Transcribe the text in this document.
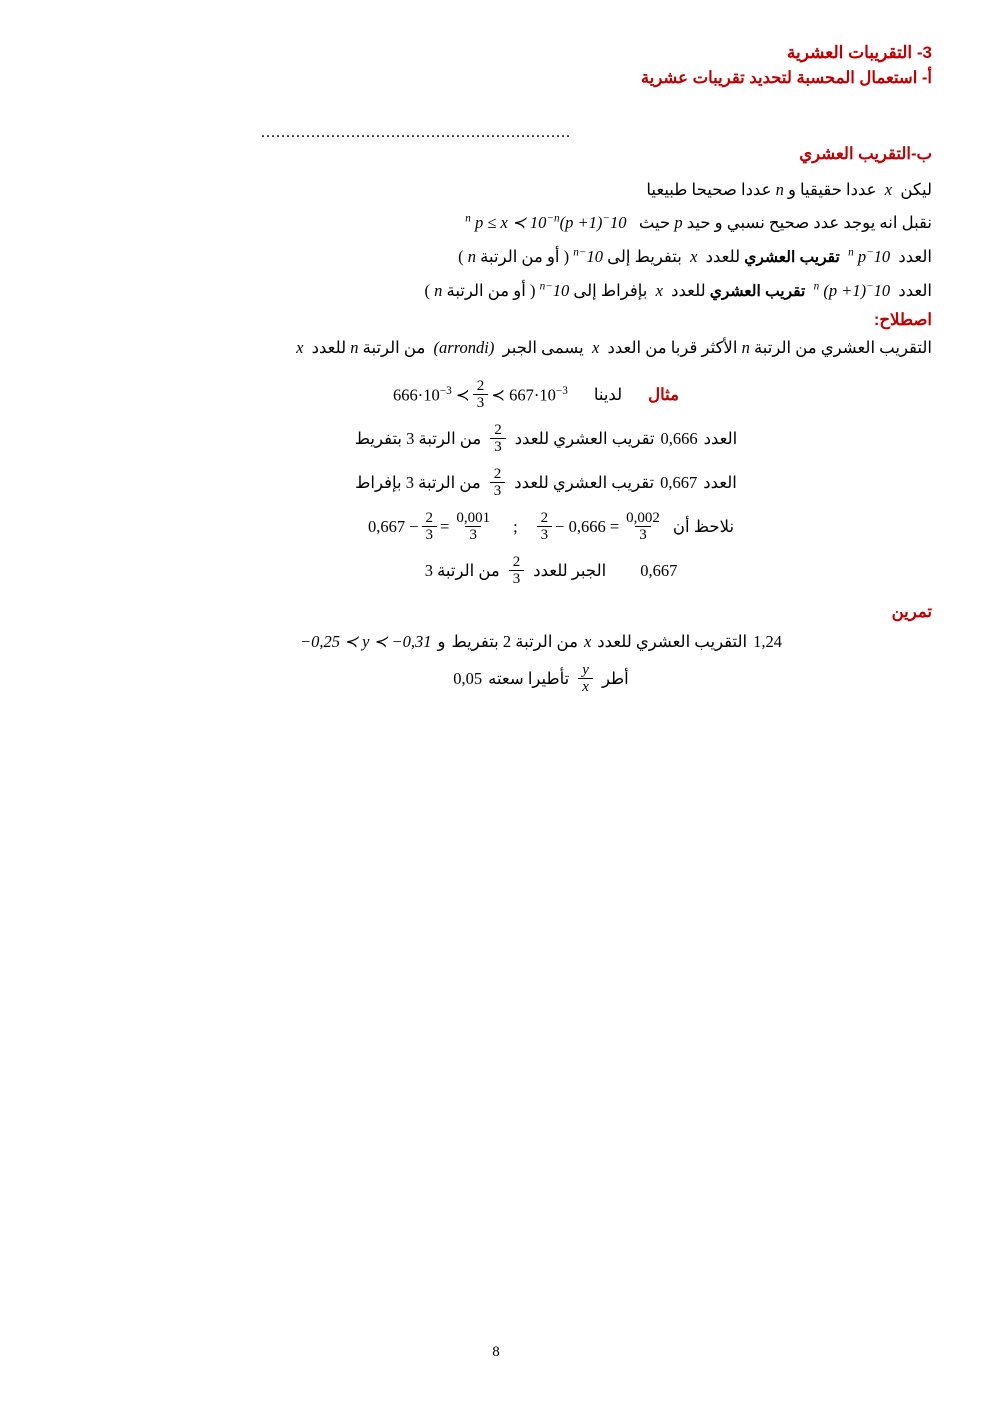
3- التقريبات العشرية
أ- استعمال المحسبة لتحديد تقريبات عشرية
..............................................................
ب-التقريب العشري
ليكن  x  عددا حقيقيا و n عددا صحيحا طبيعيا
نقبل انه يوجد عدد صحيح نسبي و حيد p حيث   $10^{-n}$ p ≤ x ≺ $10^{-n}(p +1)$
العدد  $10^{-n}$ p  تقريب العشري للعدد  x  بتفريط إلى $10^{-n}$ ( أو من الرتبة n )
العدد  $10^{-n}$ (p +1)  تقريب العشري للعدد  x  بإفراط إلى $10^{-n}$ ( أو من الرتبة n )
اصطلاح:
التقريب العشري من الرتبة n الأكثر قربا من العدد  x  يسمى الجبر  (arrondi)  من الرتبة n للعدد  x
مثال
لدينا
$666\cdot 10^{-3}$ ≺ $\frac{2}{3}$ ≺ $667\cdot 10^{-3}$
العدد
0,666
تقريب العشري للعدد
$\frac{2}{3}$
من الرتبة 3 بتفريط
العدد
0,667
تقريب العشري للعدد
$\frac{2}{3}$
من الرتبة 3 بإفراط
نلاحظ أن
$\frac{2}{3} - 0,666 = \frac{0,002}{3}$
;
$0,667 - \frac{2}{3} = \frac{0,001}{3}$
0,667
الجبر للعدد
$\frac{2}{3}$
من الرتبة 3
تمرين
1,24
التقريب العشري للعدد
x
من الرتبة 2 بتفريط
و
−0,25 ≺ y ≺ −0,31
أطر
$\frac{y}{x}$
تأطيرا سعته
0,05
8
